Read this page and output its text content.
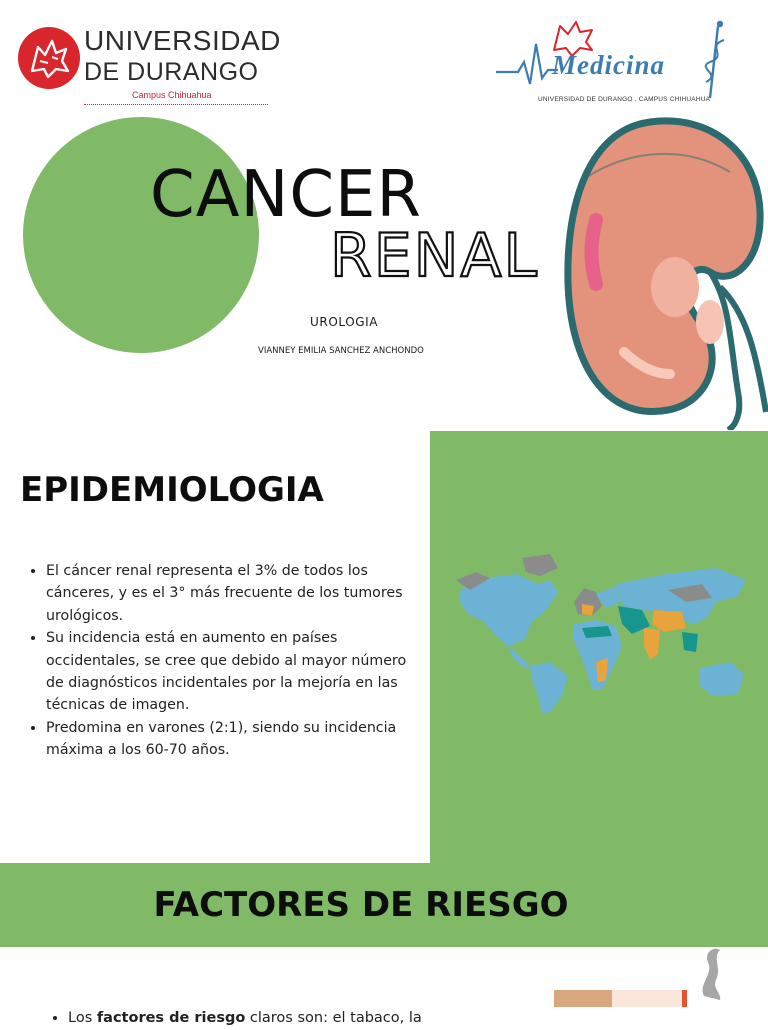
UNIVERSIDAD
DE DURANGO
Campus Chihuahua
Medicina
UNIVERSIDAD DE DURANGO . CAMPUS CHIHUAHUA
CANCER
RENAL
UROLOGIA
VIANNEY EMILIA SANCHEZ ANCHONDO
EPIDEMIOLOGIA
• El cáncer renal representa el 3% de todos los cánceres, y es el 3° más frecuente de los tumores urológicos.
• Su incidencia está en aumento en países occidentales, se cree que debido al mayor número de diagnósticos incidentales por la mejoría en las técnicas de imagen.
• Predomina en varones (2:1), siendo su incidencia máxima a los 60-70 años.
FACTORES DE RIESGO
• Los factores de riesgo claros son: el tabaco, la
